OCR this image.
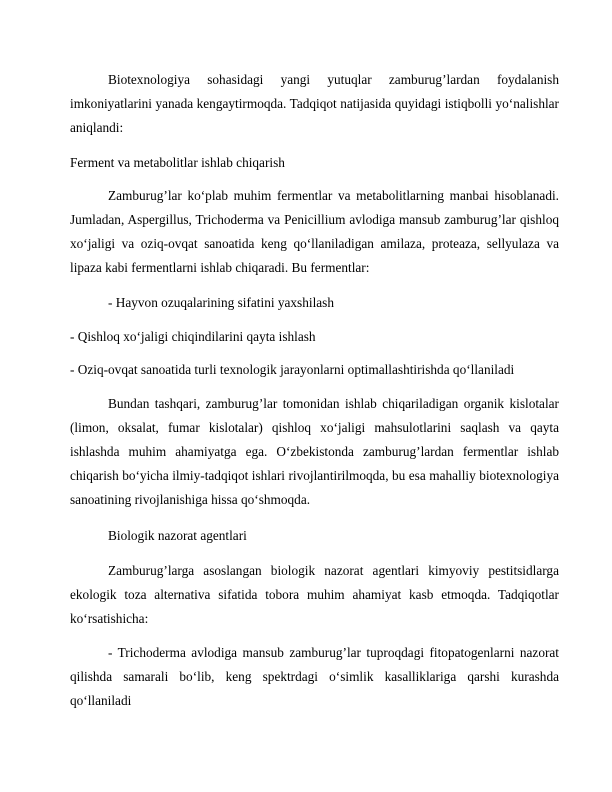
Biotexnologiya sohasidagi yangi yutuqlar zamburug’lardan foydalanish imkoniyatlarini yanada kengaytirmoqda. Tadqiqot natijasida quyidagi istiqbolli yo‘nalishlar aniqlandi:

Ferment va metabolitlar ishlab chiqarish

Zamburug’lar ko‘plab muhim fermentlar va metabolitlarning manbai hisoblanadi. Jumladan, Aspergillus, Trichoderma va Penicillium avlodiga mansub zamburug’lar qishloq xo‘jaligi va oziq-ovqat sanoatida keng qo‘llaniladigan amilaza, proteaza, sellyulaza va lipaza kabi fermentlarni ishlab chiqaradi. Bu fermentlar:

- Hayvon ozuqalarining sifatini yaxshilash

- Qishloq xo‘jaligi chiqindilarini qayta ishlash

- Oziq-ovqat sanoatida turli texnologik jarayonlarni optimallashtirishda qo‘llaniladi

Bundan tashqari, zamburug’lar tomonidan ishlab chiqariladigan organik kislotalar (limon, oksalat, fumar kislotalar) qishloq xo‘jaligi mahsulotlarini saqlash va qayta ishlashda muhim ahamiyatga ega. O‘zbekistonda zamburug’lardan fermentlar ishlab chiqarish bo‘yicha ilmiy-tadqiqot ishlari rivojlantirilmoqda, bu esa mahalliy biotexnologiya sanoatining rivojlanishiga hissa qo‘shmoqda.

Biologik nazorat agentlari

Zamburug’larga asoslangan biologik nazorat agentlari kimyoviy pestitsidlarga ekologik toza alternativa sifatida tobora muhim ahamiyat kasb etmoqda. Tadqiqotlar ko‘rsatishicha:

- Trichoderma avlodiga mansub zamburug’lar tuproqdagi fitopatogenlarni nazorat qilishda samarali bo‘lib, keng spektrdagi o‘simlik kasalliklariga qarshi kurashda qo‘llaniladi
